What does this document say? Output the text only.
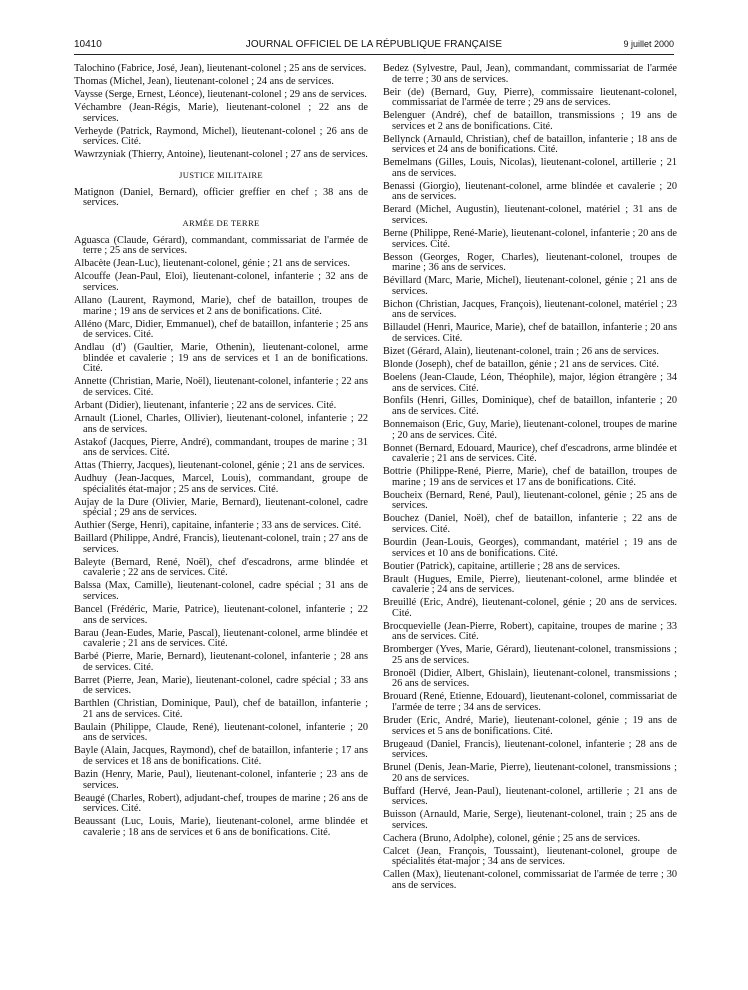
10410	JOURNAL OFFICIEL DE LA RÉPUBLIQUE FRANÇAISE	9 juillet 2000

Talochino (Fabrice, José, Jean), lieutenant-colonel ; 25 ans de services.

Thomas (Michel, Jean), lieutenant-colonel ; 24 ans de services.

Vaysse (Serge, Ernest, Léonce), lieutenant-colonel ; 29 ans de services.

Véchambre (Jean-Régis, Marie), lieutenant-colonel ; 22 ans de services.

Verheyde (Patrick, Raymond, Michel), lieutenant-colonel ; 26 ans de services. Cité.

Wawrzyniak (Thierry, Antoine), lieutenant-colonel ; 27 ans de services.

JUSTICE MILITAIRE

Matignon (Daniel, Bernard), officier greffier en chef ; 38 ans de services.

ARMÉE DE TERRE

Aguasca (Claude, Gérard), commandant, commissariat de l'armée de terre ; 25 ans de services.

Albacète (Jean-Luc), lieutenant-colonel, génie ; 21 ans de services.

Alcouffe (Jean-Paul, Eloi), lieutenant-colonel, infanterie ; 32 ans de services.

Allano (Laurent, Raymond, Marie), chef de bataillon, troupes de marine ; 19 ans de services et 2 ans de bonifications. Cité.

Alléno (Marc, Didier, Emmanuel), chef de bataillon, infanterie ; 25 ans de services. Cité.

Andlau (d') (Gaultier, Marie, Othenin), lieutenant-colonel, arme blindée et cavalerie ; 19 ans de services et 1 an de bonifications. Cité.

Annette (Christian, Marie, Noël), lieutenant-colonel, infanterie ; 22 ans de services. Cité.

Arbant (Didier), lieutenant, infanterie ; 22 ans de services. Cité.

Arnault (Lionel, Charles, Ollivier), lieutenant-colonel, infanterie ; 22 ans de services.

Astakof (Jacques, Pierre, André), commandant, troupes de marine ; 31 ans de services. Cité.

Attas (Thierry, Jacques), lieutenant-colonel, génie ; 21 ans de services.

Audhuy (Jean-Jacques, Marcel, Louis), commandant, groupe de spécialités état-major ; 25 ans de services. Cité.

Aujay de la Dure (Olivier, Marie, Bernard), lieutenant-colonel, cadre spécial ; 29 ans de services.

Authier (Serge, Henri), capitaine, infanterie ; 33 ans de services. Cité.

Baillard (Philippe, André, Francis), lieutenant-colonel, train ; 27 ans de services.

Baleyte (Bernard, René, Noël), chef d'escadrons, arme blindée et cavalerie ; 22 ans de services. Cité.

Balssa (Max, Camille), lieutenant-colonel, cadre spécial ; 31 ans de services.

Bancel (Frédéric, Marie, Patrice), lieutenant-colonel, infanterie ; 22 ans de services.

Barau (Jean-Eudes, Marie, Pascal), lieutenant-colonel, arme blindée et cavalerie ; 21 ans de services. Cité.

Barbé (Pierre, Marie, Bernard), lieutenant-colonel, infanterie ; 28 ans de services. Cité.

Barret (Pierre, Jean, Marie), lieutenant-colonel, cadre spécial ; 33 ans de services.

Barthlen (Christian, Dominique, Paul), chef de bataillon, infanterie ; 21 ans de services. Cité.

Baulain (Philippe, Claude, René), lieutenant-colonel, infanterie ; 20 ans de services.

Bayle (Alain, Jacques, Raymond), chef de bataillon, infanterie ; 17 ans de services et 18 ans de bonifications. Cité.

Bazin (Henry, Marie, Paul), lieutenant-colonel, infanterie ; 23 ans de services.

Beaugé (Charles, Robert), adjudant-chef, troupes de marine ; 26 ans de services. Cité.

Beaussant (Luc, Louis, Marie), lieutenant-colonel, arme blindée et cavalerie ; 18 ans de services et 6 ans de bonifications. Cité.

Bedez (Sylvestre, Paul, Jean), commandant, commissariat de l'armée de terre ; 30 ans de services.

Beir (de) (Bernard, Guy, Pierre), commissaire lieutenant-colonel, commissariat de l'armée de terre ; 29 ans de services.

Belenguer (André), chef de bataillon, transmissions ; 19 ans de services et 2 ans de bonifications. Cité.

Bellynck (Arnauld, Christian), chef de bataillon, infanterie ; 18 ans de services et 24 ans de bonifications. Cité.

Bemelmans (Gilles, Louis, Nicolas), lieutenant-colonel, artillerie ; 21 ans de services.

Benassi (Giorgio), lieutenant-colonel, arme blindée et cavalerie ; 20 ans de services.

Berard (Michel, Augustin), lieutenant-colonel, matériel ; 31 ans de services.

Berne (Philippe, René-Marie), lieutenant-colonel, infanterie ; 20 ans de services. Cité.

Besson (Georges, Roger, Charles), lieutenant-colonel, troupes de marine ; 36 ans de services.

Bévillard (Marc, Marie, Michel), lieutenant-colonel, génie ; 21 ans de services.

Bichon (Christian, Jacques, François), lieutenant-colonel, matériel ; 23 ans de services.

Billaudel (Henri, Maurice, Marie), chef de bataillon, infanterie ; 20 ans de services. Cité.

Bizet (Gérard, Alain), lieutenant-colonel, train ; 26 ans de services.

Blonde (Joseph), chef de bataillon, génie ; 21 ans de services. Cité.

Boelens (Jean-Claude, Léon, Théophile), major, légion étrangère ; 34 ans de services. Cité.

Bonfils (Henri, Gilles, Dominique), chef de bataillon, infanterie ; 20 ans de services. Cité.

Bonnemaison (Eric, Guy, Marie), lieutenant-colonel, troupes de marine ; 20 ans de services. Cité.

Bonnet (Bernard, Edouard, Maurice), chef d'escadrons, arme blindée et cavalerie ; 21 ans de services. Cité.

Bottrie (Philippe-René, Pierre, Marie), chef de bataillon, troupes de marine ; 19 ans de services et 17 ans de bonifications. Cité.

Boucheix (Bernard, René, Paul), lieutenant-colonel, génie ; 25 ans de services.

Bouchez (Daniel, Noël), chef de bataillon, infanterie ; 22 ans de services. Cité.

Bourdin (Jean-Louis, Georges), commandant, matériel ; 19 ans de services et 10 ans de bonifications. Cité.

Boutier (Patrick), capitaine, artillerie ; 28 ans de services.

Brault (Hugues, Emile, Pierre), lieutenant-colonel, arme blindée et cavalerie ; 24 ans de services.

Breuillé (Eric, André), lieutenant-colonel, génie ; 20 ans de services. Cité.

Brocquevielle (Jean-Pierre, Robert), capitaine, troupes de marine ; 33 ans de services. Cité.

Bromberger (Yves, Marie, Gérard), lieutenant-colonel, transmissions ; 25 ans de services.

Bronoël (Didier, Albert, Ghislain), lieutenant-colonel, transmissions ; 26 ans de services.

Brouard (René, Etienne, Edouard), lieutenant-colonel, commissariat de l'armée de terre ; 34 ans de services.

Bruder (Eric, André, Marie), lieutenant-colonel, génie ; 19 ans de services et 5 ans de bonifications. Cité.

Brugeaud (Daniel, Francis), lieutenant-colonel, infanterie ; 28 ans de services.

Brunel (Denis, Jean-Marie, Pierre), lieutenant-colonel, transmissions ; 20 ans de services.

Buffard (Hervé, Jean-Paul), lieutenant-colonel, artillerie ; 21 ans de services.

Buisson (Arnauld, Marie, Serge), lieutenant-colonel, train ; 25 ans de services.

Cachera (Bruno, Adolphe), colonel, génie ; 25 ans de services.

Calcet (Jean, François, Toussaint), lieutenant-colonel, groupe de spécialités état-major ; 34 ans de services.

Callen (Max), lieutenant-colonel, commissariat de l'armée de terre ; 30 ans de services.
